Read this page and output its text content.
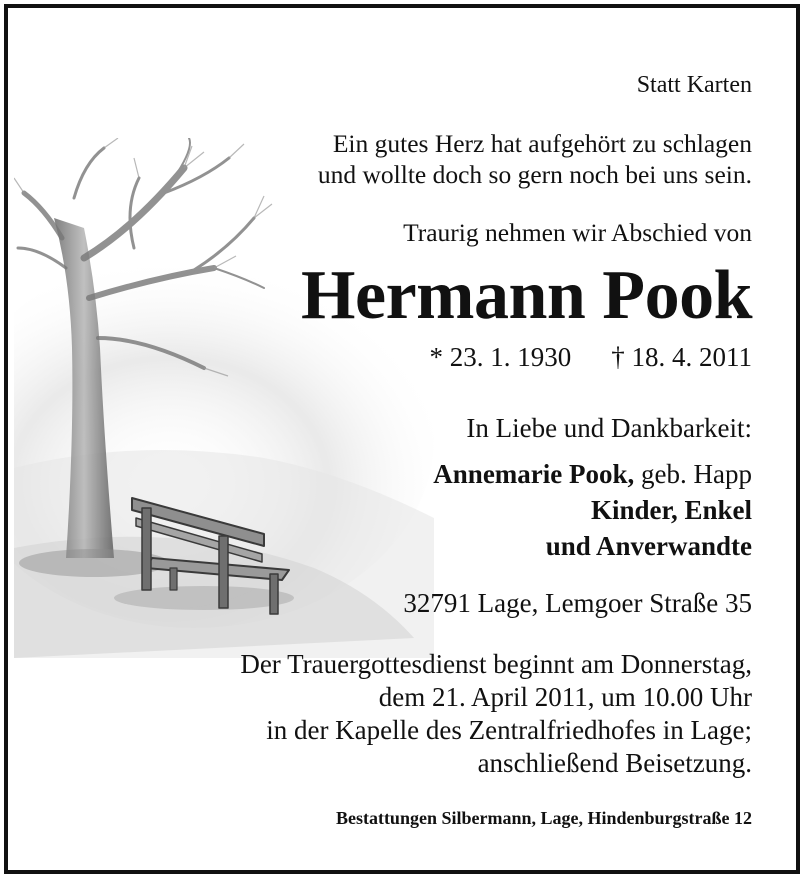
Statt Karten
Ein gutes Herz hat aufgehört zu schlagen
und wollte doch so gern noch bei uns sein.
Traurig nehmen wir Abschied von
Hermann Pook
* 23. 1. 1930 † 18. 4. 2011
In Liebe und Dankbarkeit:
Annemarie Pook, geb. Happ
Kinder, Enkel
und Anverwandte
32791 Lage, Lemgoer Straße 35
Der Trauergottesdienst beginnt am Donnerstag,
dem 21. April 2011, um 10.00 Uhr
in der Kapelle des Zentralfriedhofes in Lage;
anschließend Beisetzung.
Bestattungen Silbermann, Lage, Hindenburgstraße 12
